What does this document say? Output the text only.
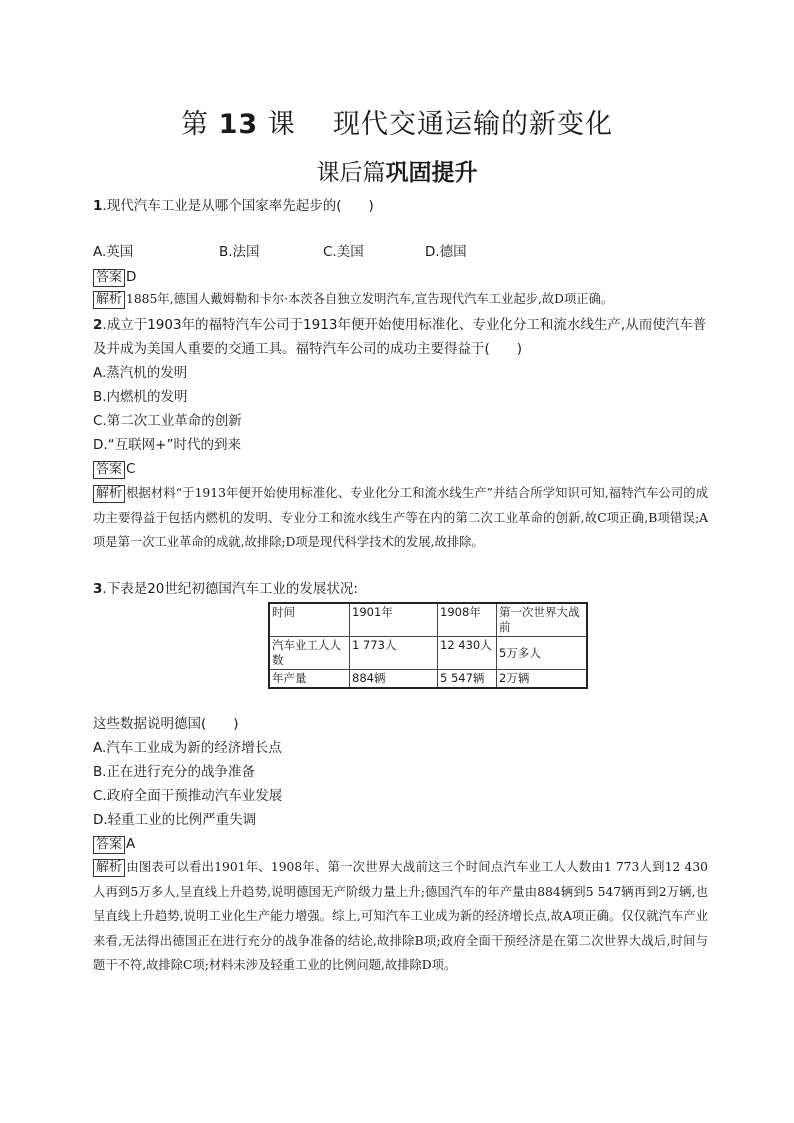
第 13 课 现代交通运输的新变化
课后篇巩固提升
1.现代汽车工业是从哪个国家率先起步的(　　)
A.英国	B.法国	C.美国	D.德国
答案 D
解析 1885年,德国人戴姆勒和卡尔·本茨各自独立发明汽车,宣告现代汽车工业起步,故D项正确。
2.成立于1903年的福特汽车公司于1913年便开始使用标准化、专业化分工和流水线生产,从而使汽车普及并成为美国人重要的交通工具。福特汽车公司的成功主要得益于(　　)
A.蒸汽机的发明
B.内燃机的发明
C.第二次工业革命的创新
D.“互联网+”时代的到来
答案 C
解析 根据材料“于1913年便开始使用标准化、专业化分工和流水线生产”并结合所学知识可知,福特汽车公司的成功主要得益于包括内燃机的发明、专业分工和流水线生产等在内的第二次工业革命的创新,故C项正确,B项错误;A项是第一次工业革命的成就,故排除;D项是现代科学技术的发展,故排除。
3.下表是20世纪初德国汽车工业的发展状况:
时间	1901年	1908年	第一次世界大战前
汽车业工人人数	1 773人	12 430人	5万多人
年产量	884辆	5 547辆	2万辆
这些数据说明德国(　　)
A.汽车工业成为新的经济增长点
B.正在进行充分的战争准备
C.政府全面干预推动汽车业发展
D.轻重工业的比例严重失调
答案 A
解析 由图表可以看出1901年、1908年、第一次世界大战前这三个时间点汽车业工人人数由1 773人到12 430人再到5万多人,呈直线上升趋势,说明德国无产阶级力量上升;德国汽车的年产量由884辆到5 547辆再到2万辆,也呈直线上升趋势,说明工业化生产能力增强。综上,可知汽车工业成为新的经济增长点,故A项正确。仅仅就汽车产业来看,无法得出德国正在进行充分的战争准备的结论,故排除B项;政府全面干预经济是在第二次世界大战后,时间与题干不符,故排除C项;材料未涉及轻重工业的比例问题,故排除D项。
